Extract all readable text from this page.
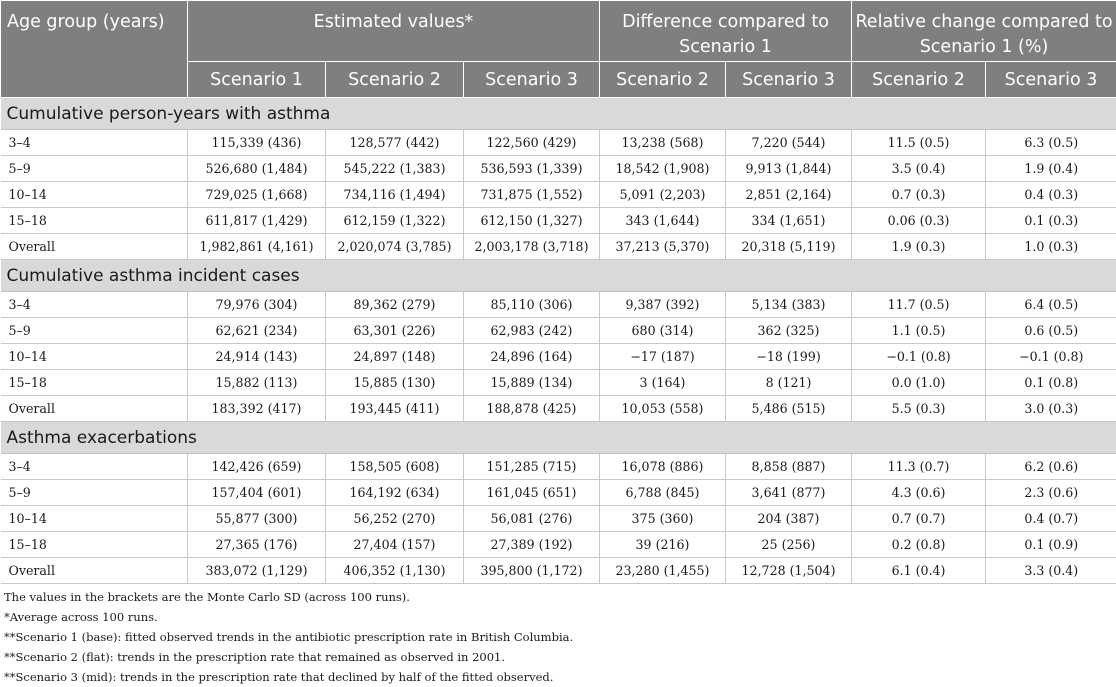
Age group (years)	Estimated values*			Difference compared to Scenario 1		Relative change compared to Scenario 1 (%)	
	Scenario 1	Scenario 2	Scenario 3	Scenario 2	Scenario 3	Scenario 2	Scenario 3
Cumulative person-years with asthma							
3–4	115,339 (436)	128,577 (442)	122,560 (429)	13,238 (568)	7,220 (544)	11.5 (0.5)	6.3 (0.5)
5–9	526,680 (1,484)	545,222 (1,383)	536,593 (1,339)	18,542 (1,908)	9,913 (1,844)	3.5 (0.4)	1.9 (0.4)
10–14	729,025 (1,668)	734,116 (1,494)	731,875 (1,552)	5,091 (2,203)	2,851 (2,164)	0.7 (0.3)	0.4 (0.3)
15–18	611,817 (1,429)	612,159 (1,322)	612,150 (1,327)	343 (1,644)	334 (1,651)	0.06 (0.3)	0.1 (0.3)
Overall	1,982,861 (4,161)	2,020,074 (3,785)	2,003,178 (3,718)	37,213 (5,370)	20,318 (5,119)	1.9 (0.3)	1.0 (0.3)
Cumulative asthma incident cases							
3–4	79,976 (304)	89,362 (279)	85,110 (306)	9,387 (392)	5,134 (383)	11.7 (0.5)	6.4 (0.5)
5–9	62,621 (234)	63,301 (226)	62,983 (242)	680 (314)	362 (325)	1.1 (0.5)	0.6 (0.5)
10–14	24,914 (143)	24,897 (148)	24,896 (164)	−17 (187)	−18 (199)	−0.1 (0.8)	−0.1 (0.8)
15–18	15,882 (113)	15,885 (130)	15,889 (134)	3 (164)	8 (121)	0.0 (1.0)	0.1 (0.8)
Overall	183,392 (417)	193,445 (411)	188,878 (425)	10,053 (558)	5,486 (515)	5.5 (0.3)	3.0 (0.3)
Asthma exacerbations							
3–4	142,426 (659)	158,505 (608)	151,285 (715)	16,078 (886)	8,858 (887)	11.3 (0.7)	6.2 (0.6)
5–9	157,404 (601)	164,192 (634)	161,045 (651)	6,788 (845)	3,641 (877)	4.3 (0.6)	2.3 (0.6)
10–14	55,877 (300)	56,252 (270)	56,081 (276)	375 (360)	204 (387)	0.7 (0.7)	0.4 (0.7)
15–18	27,365 (176)	27,404 (157)	27,389 (192)	39 (216)	25 (256)	0.2 (0.8)	0.1 (0.9)
Overall	383,072 (1,129)	406,352 (1,130)	395,800 (1,172)	23,280 (1,455)	12,728 (1,504)	6.1 (0.4)	3.3 (0.4)
The values in the brackets are the Monte Carlo SD (across 100 runs).
*Average across 100 runs.
**Scenario 1 (base): fitted observed trends in the antibiotic prescription rate in British Columbia.
**Scenario 2 (flat): trends in the prescription rate that remained as observed in 2001.
**Scenario 3 (mid): trends in the prescription rate that declined by half of the fitted observed.
